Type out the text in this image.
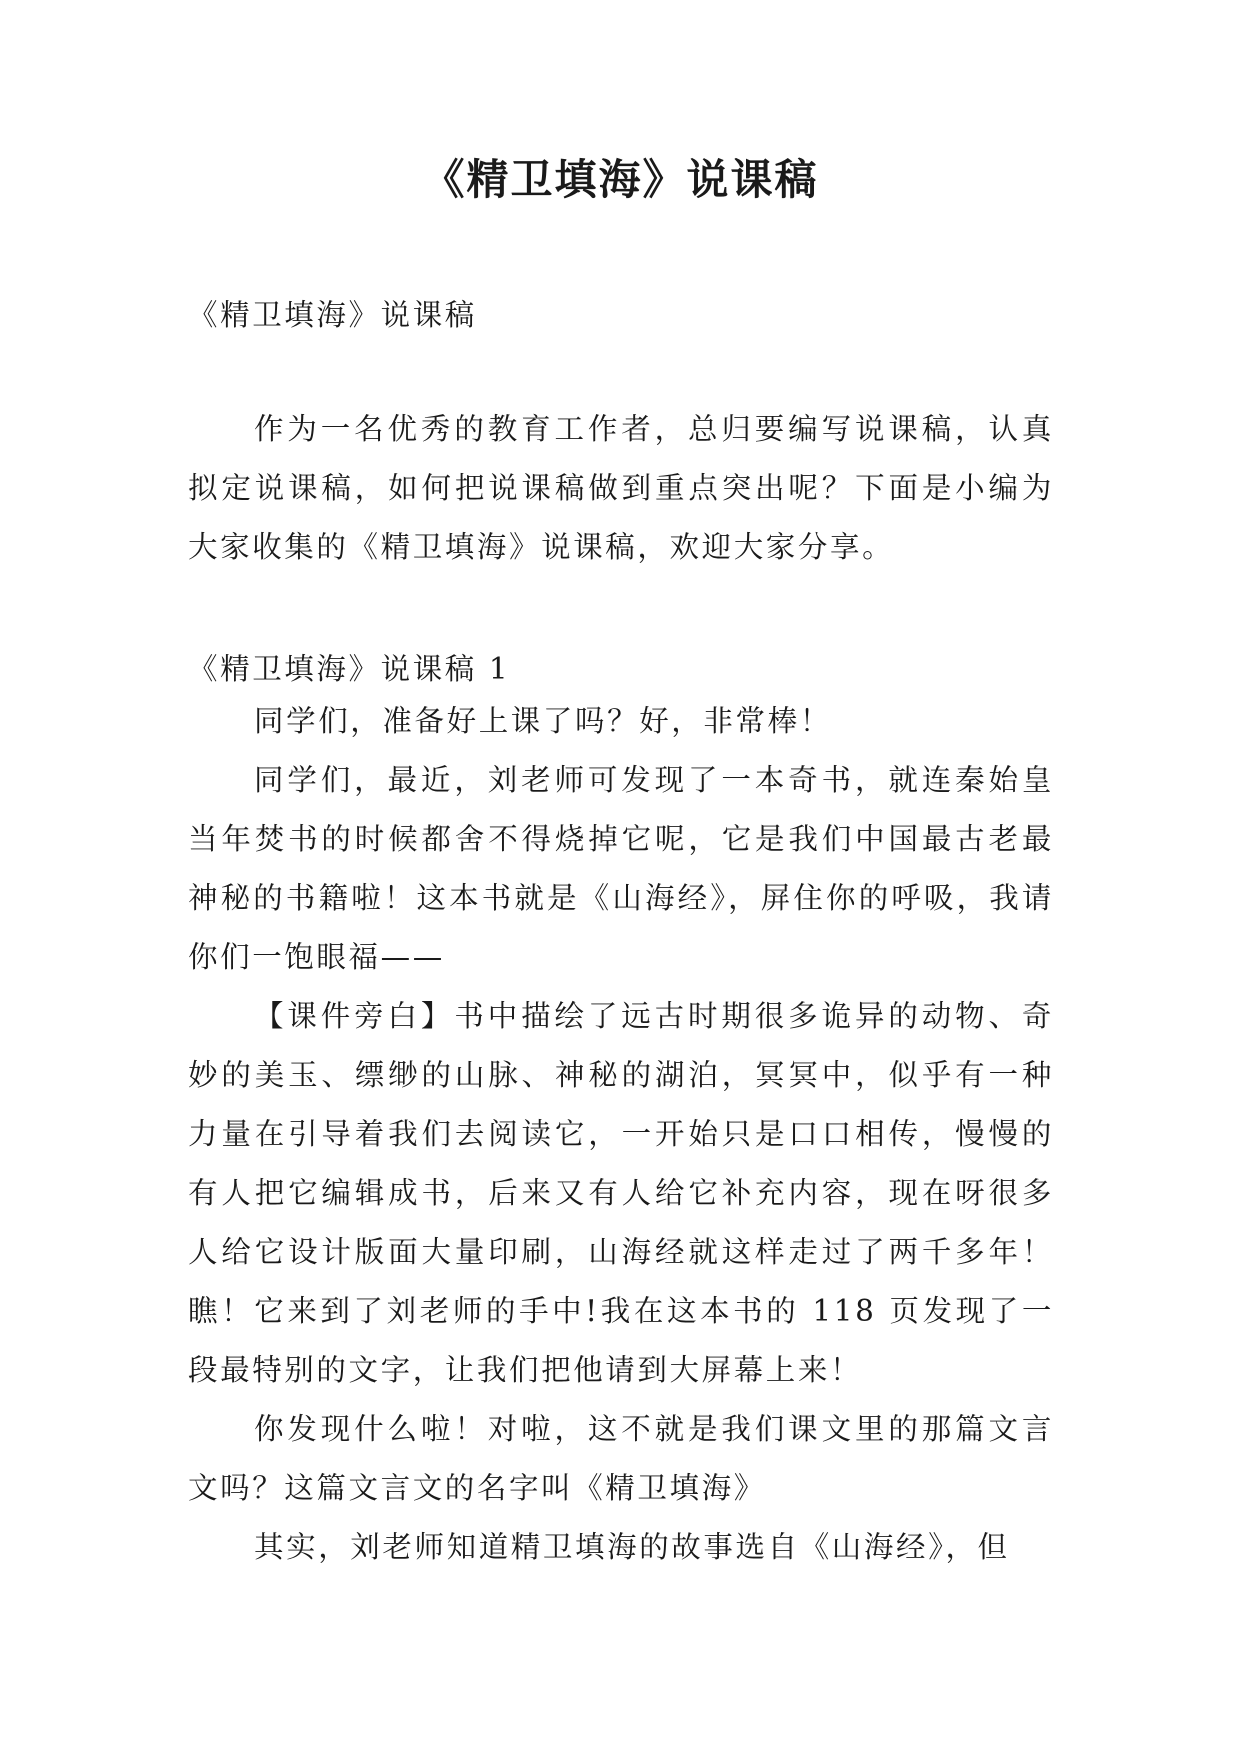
《精卫填海》说课稿

《精卫填海》说课稿

作为一名优秀的教育工作者，总归要编写说课稿，认真拟定说课稿，如何把说课稿做到重点突出呢？下面是小编为大家收集的《精卫填海》说课稿，欢迎大家分享。

《精卫填海》说课稿 1

同学们，准备好上课了吗？好，非常棒！

同学们，最近，刘老师可发现了一本奇书，就连秦始皇当年焚书的时候都舍不得烧掉它呢，它是我们中国最古老最神秘的书籍啦！这本书就是《山海经》，屏住你的呼吸，我请你们一饱眼福——

【课件旁白】书中描绘了远古时期很多诡异的动物、奇妙的美玉、缥缈的山脉、神秘的湖泊，冥冥中，似乎有一种力量在引导着我们去阅读它，一开始只是口口相传，慢慢的有人把它编辑成书，后来又有人给它补充内容，现在呀很多人给它设计版面大量印刷，山海经就这样走过了两千多年！瞧！它来到了刘老师的手中!我在这本书的 118 页发现了一段最特别的文字，让我们把他请到大屏幕上来！

你发现什么啦！对啦，这不就是我们课文里的那篇文言文吗？这篇文言文的名字叫《精卫填海》

其实，刘老师知道精卫填海的故事选自《山海经》，但
